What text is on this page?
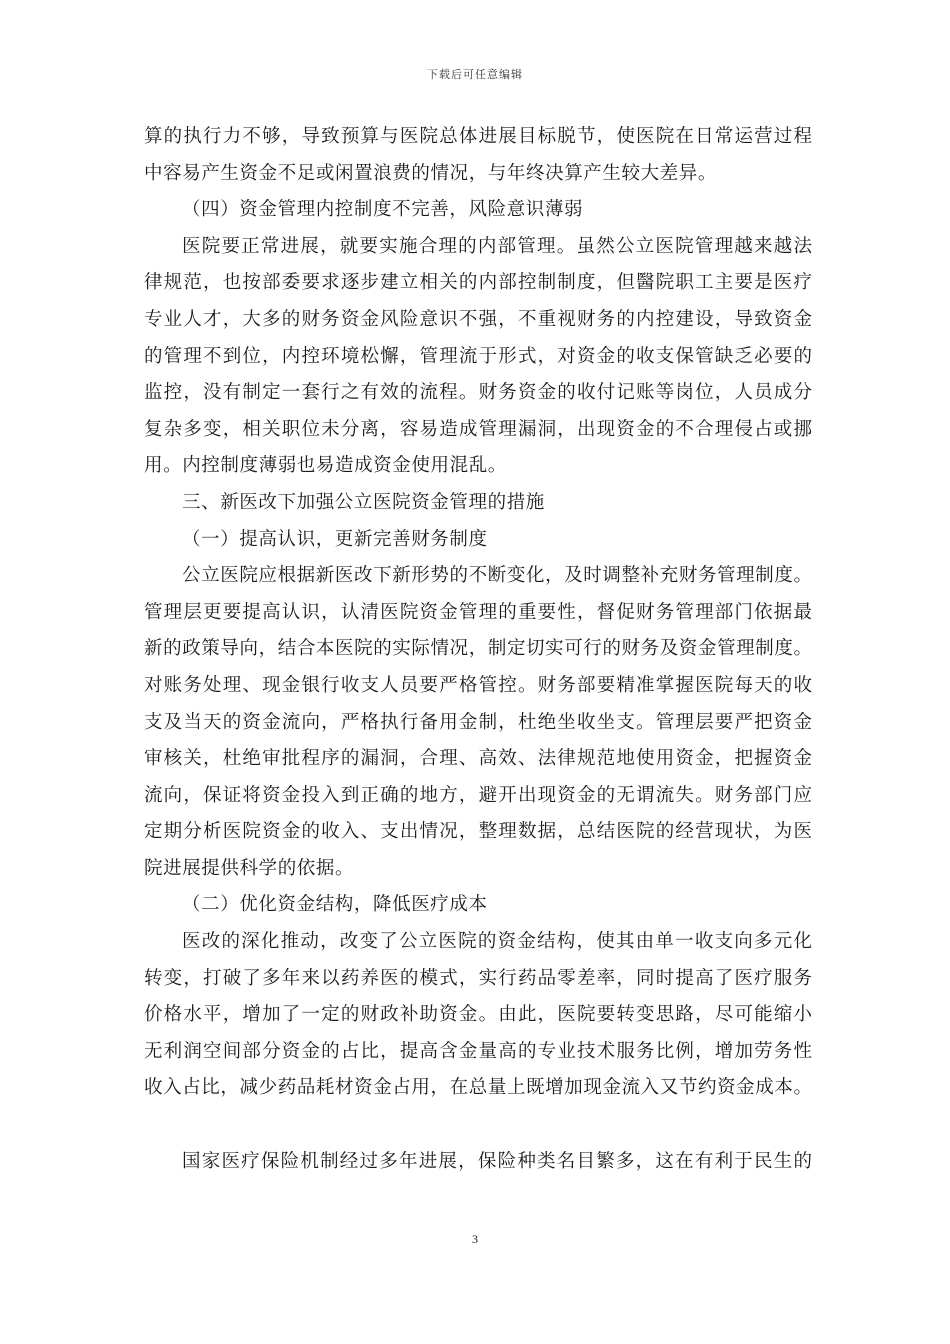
下载后可任意编辑
算的执行力不够，导致预算与医院总体进展目标脱节，使医院在日常运营过程
中容易产生资金不足或闲置浪费的情况，与年终决算产生较大差异。
（四）资金管理内控制度不完善，风险意识薄弱
医院要正常进展，就要实施合理的内部管理。虽然公立医院管理越来越法
律规范，也按部委要求逐步建立相关的内部控制制度，但醫院职工主要是医疗
专业人才，大多的财务资金风险意识不强，不重视财务的内控建设，导致资金
的管理不到位，内控环境松懈，管理流于形式，对资金的收支保管缺乏必要的
监控，没有制定一套行之有效的流程。财务资金的收付记账等岗位，人员成分
复杂多变，相关职位未分离，容易造成管理漏洞，出现资金的不合理侵占或挪
用。内控制度薄弱也易造成资金使用混乱。
三、新医改下加强公立医院资金管理的措施
（一）提高认识，更新完善财务制度
公立医院应根据新医改下新形势的不断变化，及时调整补充财务管理制度。
管理层更要提高认识，认清医院资金管理的重要性，督促财务管理部门依据最
新的政策导向，结合本医院的实际情况，制定切实可行的财务及资金管理制度。
对账务处理、现金银行收支人员要严格管控。财务部要精准掌握医院每天的收
支及当天的资金流向，严格执行备用金制，杜绝坐收坐支。管理层要严把资金
审核关，杜绝审批程序的漏洞，合理、高效、法律规范地使用资金，把握资金
流向，保证将资金投入到正确的地方，避开出现资金的无谓流失。财务部门应
定期分析医院资金的收入、支出情况，整理数据，总结医院的经营现状，为医
院进展提供科学的依据。
（二）优化资金结构，降低医疗成本
医改的深化推动，改变了公立医院的资金结构，使其由单一收支向多元化
转变，打破了多年来以药养医的模式，实行药品零差率，同时提高了医疗服务
价格水平，增加了一定的财政补助资金。由此，医院要转变思路，尽可能缩小
无利润空间部分资金的占比，提高含金量高的专业技术服务比例，增加劳务性
收入占比，减少药品耗材资金占用，在总量上既增加现金流入又节约资金成本。
国家医疗保险机制经过多年进展，保险种类名目繁多，这在有利于民生的
3
